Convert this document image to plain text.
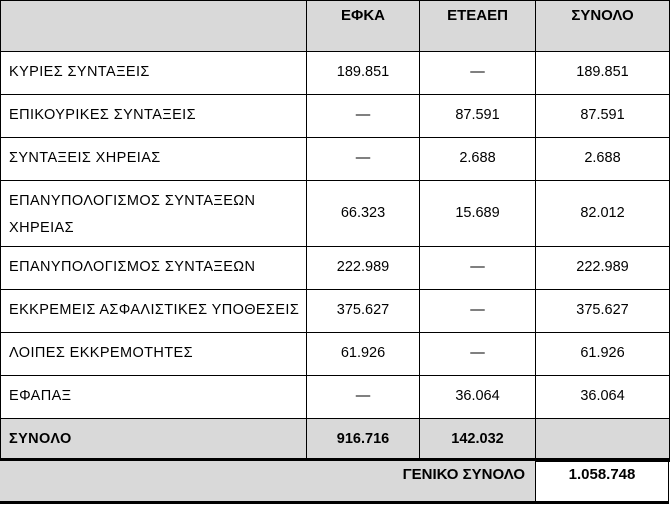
	ΕΦΚΑ	ΕΤΕΑΕΠ	ΣΥΝΟΛΟ
ΚΥΡΙΕΣ ΣΥΝΤΑΞΕΙΣ	189.851	—	189.851
ΕΠΙΚΟΥΡΙΚΕΣ ΣΥΝΤΑΞΕΙΣ	—	87.591	87.591
ΣΥΝΤΑΞΕΙΣ ΧΗΡΕΙΑΣ	—	2.688	2.688
ΕΠΑΝΥΠΟΛΟΓΙΣΜΟΣ ΣΥΝΤΑΞΕΩΝ ΧΗΡΕΙΑΣ	66.323	15.689	82.012
ΕΠΑΝΥΠΟΛΟΓΙΣΜΟΣ ΣΥΝΤΑΞΕΩΝ	222.989	—	222.989
ΕΚΚΡΕΜΕΙΣ ΑΣΦΑΛΙΣΤΙΚΕΣ ΥΠΟΘΕΣΕΙΣ	375.627	—	375.627
ΛΟΙΠΕΣ ΕΚΚΡΕΜΟΤΗΤΕΣ	61.926	—	61.926
ΕΦΑΠΑΞ	—	36.064	36.064
ΣΥΝΟΛΟ	916.716	142.032	
ΓΕΝΙΚΟ ΣΥΝΟΛΟ	1.058.748
